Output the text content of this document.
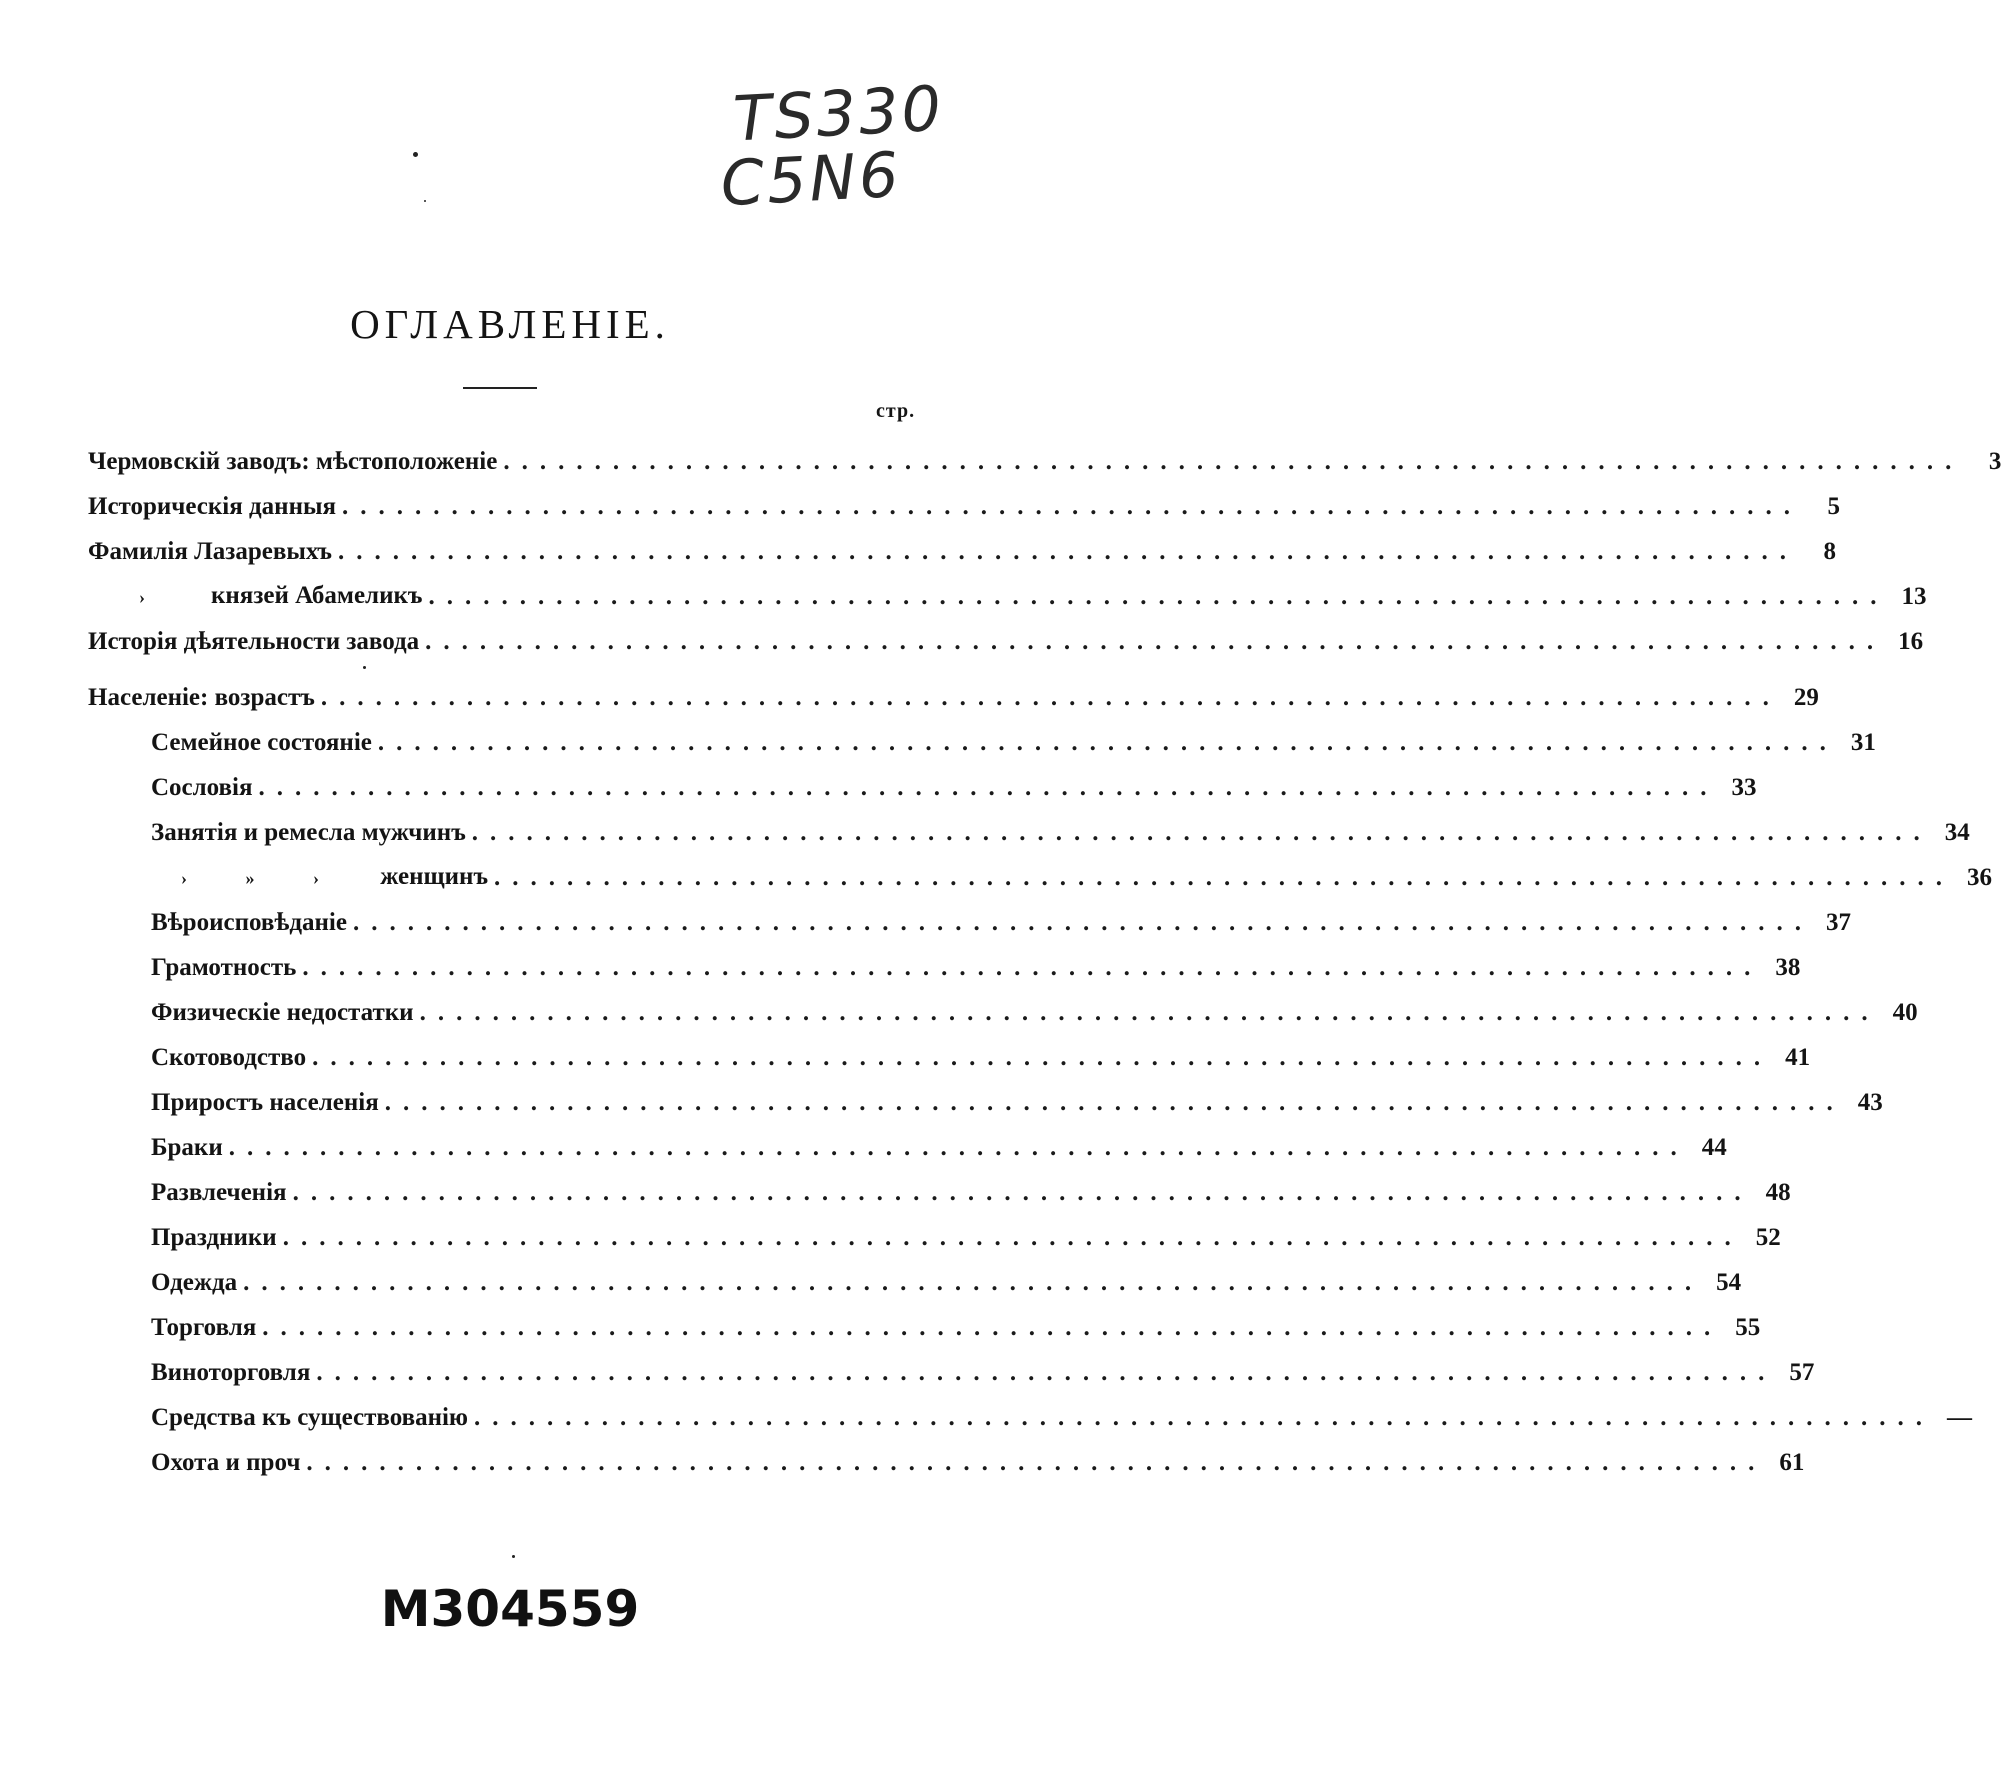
TS330
C5N6
ОГЛАВЛЕНІЕ.
стр.
Чермовскій заводъ: мѣстоположеніе ................................................................................	3
Историческія данныя ................................................................................	5
Фамилія Лазаревыхъ ................................................................................	8
›	князей Абамеликъ ................................................................................ 13
Исторія дѣятельности завода ................................................................................ 16
Населеніе: возрастъ ................................................................................ 29
Семейное состояніе ................................................................................ 31
Сословія ................................................................................ 33
Занятія и ремесла мужчинъ ................................................................................ 34
›	»	› женщинъ ................................................................................ 36
Вѣроисповѣданіе ................................................................................ 37
Грамотность ................................................................................ 38
Физическіе недостатки ................................................................................ 40
Скотоводство ................................................................................ 41
Приростъ населенія ................................................................................ 43
Браки ................................................................................ 44
Развлеченія ................................................................................ 48
Праздники ................................................................................ 52
Одежда ................................................................................ 54
Торговля ................................................................................ 55
Виноторговля ................................................................................ 57
Средства къ существованію ................................................................................ —
Охота и проч ................................................................................ 61
M304559
